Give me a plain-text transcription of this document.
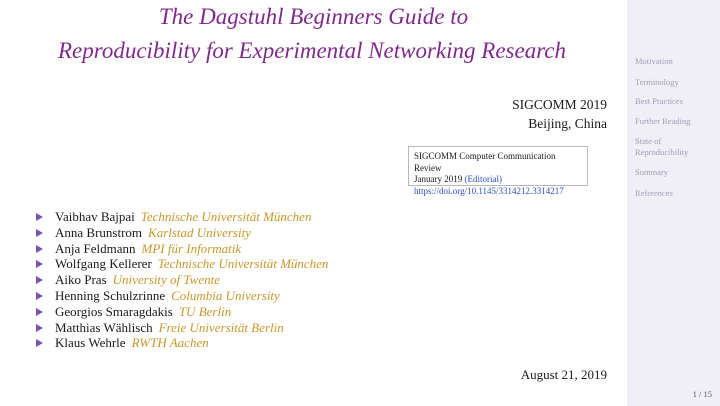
The Dagstuhl Beginners Guide to
Reproducibility for Experimental Networking Research
SIGCOMM 2019
Beijing, China
SIGCOMM Computer Communication Review
January 2019 (Editorial)
https://doi.org/10.1145/3314212.3314217
Vaibhav Bajpai Technische Universität München
Anna Brunstrom Karlstad University
Anja Feldmann MPI für Informatik
Wolfgang Kellerer Technische Universität München
Aiko Pras University of Twente
Henning Schulzrinne Columbia University
Georgios Smaragdakis TU Berlin
Matthias Wählisch Freie Universität Berlin
Klaus Wehrle RWTH Aachen
August 21, 2019
Motivation
Terminology
Best Practices
Further Reading
State of Reproducibility
Summary
References
1 / 15
